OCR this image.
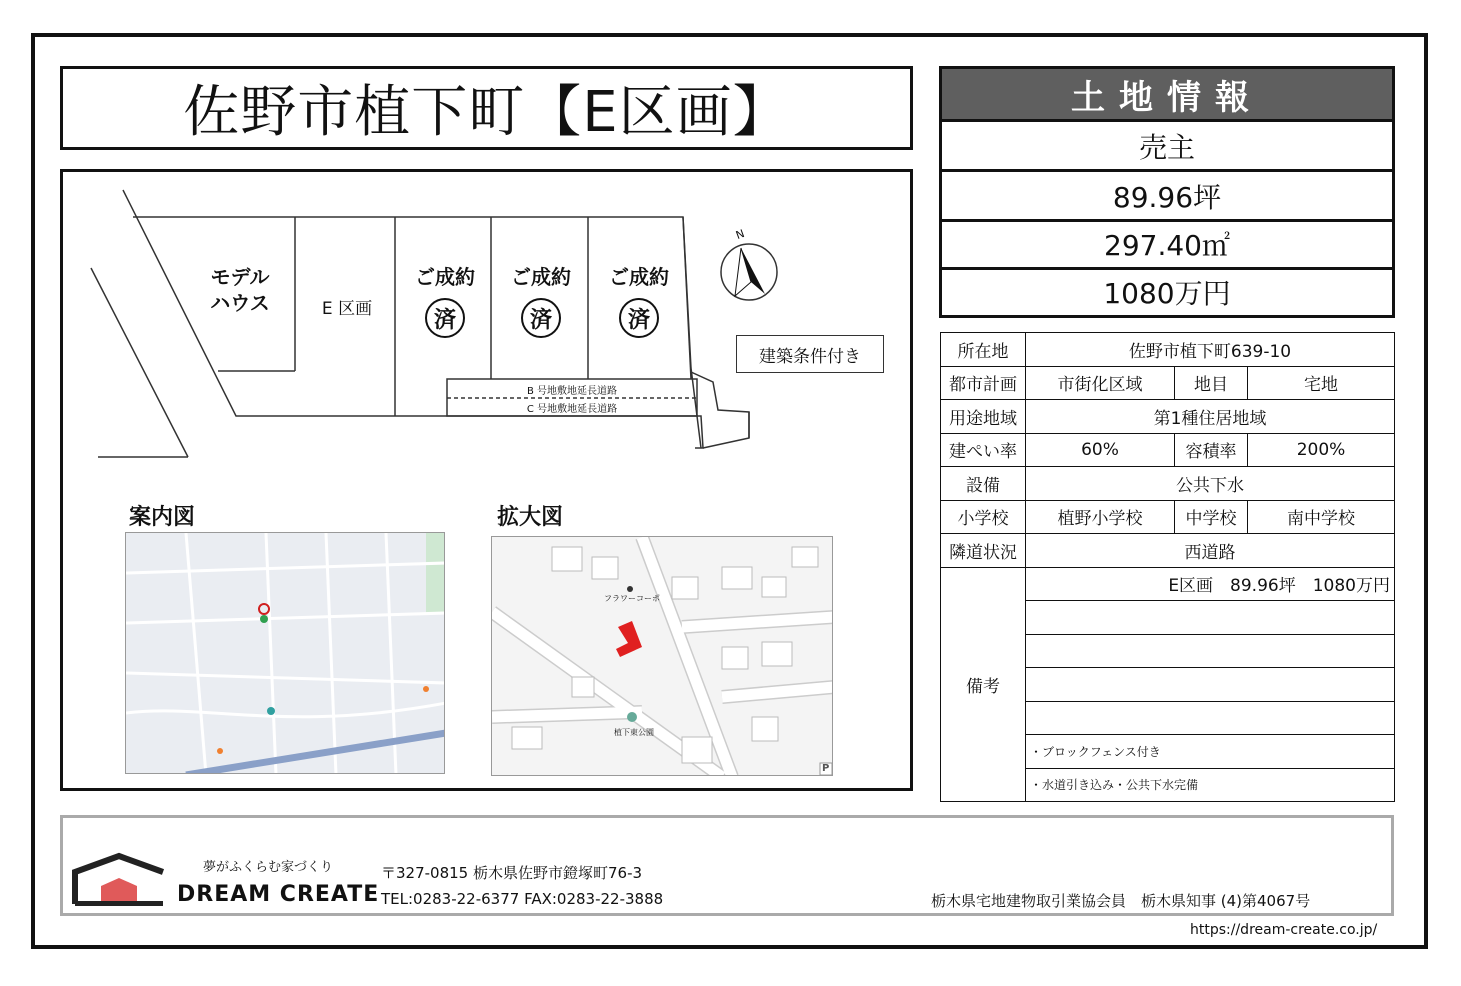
佐野市植下町【E区画】	土地情報
売主
89.96坪
297.40㎡
1080万円
N
モデル
ハウス	E 区画
ご成約
済
ご成約
済
ご成約
済
B 号地敷地延長道路
C 号地敷地延長道路
建築条件付き
案内図	拡大図
フラワーコーポ
植下東公園
P
所在地	佐野市植下町639-10		
都市計画	市街化区域	地目	宅地
用途地域	第1種住居地域		
建ぺい率	60%	容積率	200%
設備	公共下水		
小学校	植野小学校	中学校	南中学校
隣道状況	西道路		
備考	E区画　89.96坪　1080万円		

	・ブロックフェンス付き		
	・水道引き込み・公共下水完備		
夢がふくらむ家づくり
DREAM CREATE
〒327-0815 栃木県佐野市鐙塚町76-3
TEL:0283-22-6377 FAX:0283-22-3888	栃木県宅地建物取引業協会員　栃木県知事 (4)第4067号
https://dream-create.co.jp/
